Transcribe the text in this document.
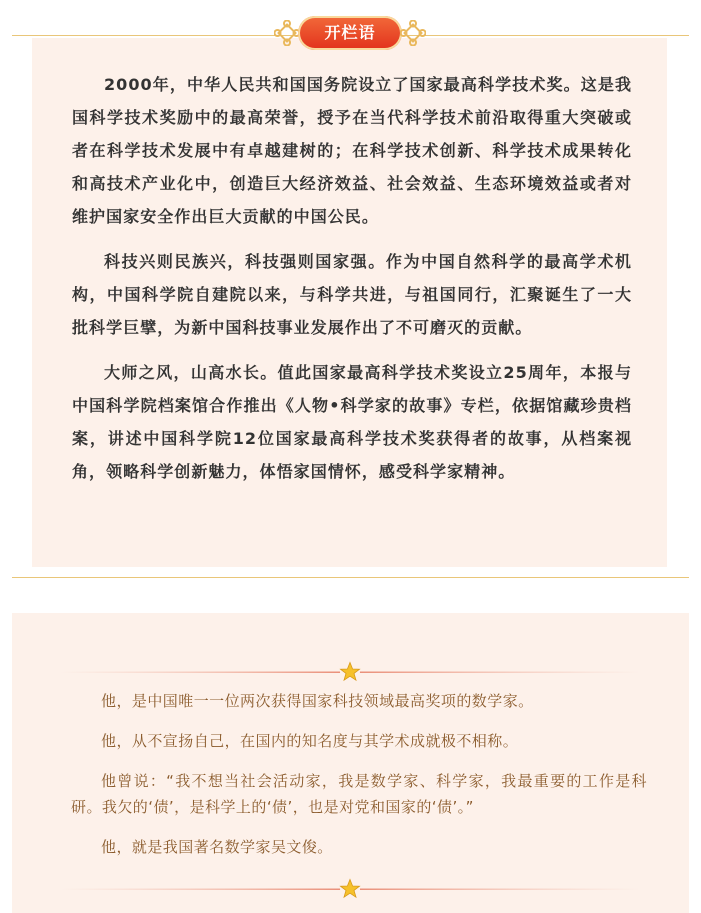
开栏语

2000年，中华人民共和国国务院设立了国家最高科学技术奖。这是我国科学技术奖励中的最高荣誉，授予在当代科学技术前沿取得重大突破或者在科学技术发展中有卓越建树的；在科学技术创新、科学技术成果转化和高技术产业化中，创造巨大经济效益、社会效益、生态环境效益或者对维护国家安全作出巨大贡献的中国公民。

科技兴则民族兴，科技强则国家强。作为中国自然科学的最高学术机构，中国科学院自建院以来，与科学共进，与祖国同行，汇聚诞生了一大批科学巨擘，为新中国科技事业发展作出了不可磨灭的贡献。

大师之风，山高水长。值此国家最高科学技术奖设立25周年，本报与中国科学院档案馆合作推出《人物•科学家的故事》专栏，依据馆藏珍贵档案，讲述中国科学院12位国家最高科学技术奖获得者的故事，从档案视角，领略科学创新魅力，体悟家国情怀，感受科学家精神。

他，是中国唯一一位两次获得国家科技领域最高奖项的数学家。

他，从不宣扬自己，在国内的知名度与其学术成就极不相称。

他曾说：“我不想当社会活动家，我是数学家、科学家，我最重要的工作是科研。我欠的‘债’，是科学上的‘债’，也是对党和国家的‘债’。”

他，就是我国著名数学家吴文俊。
